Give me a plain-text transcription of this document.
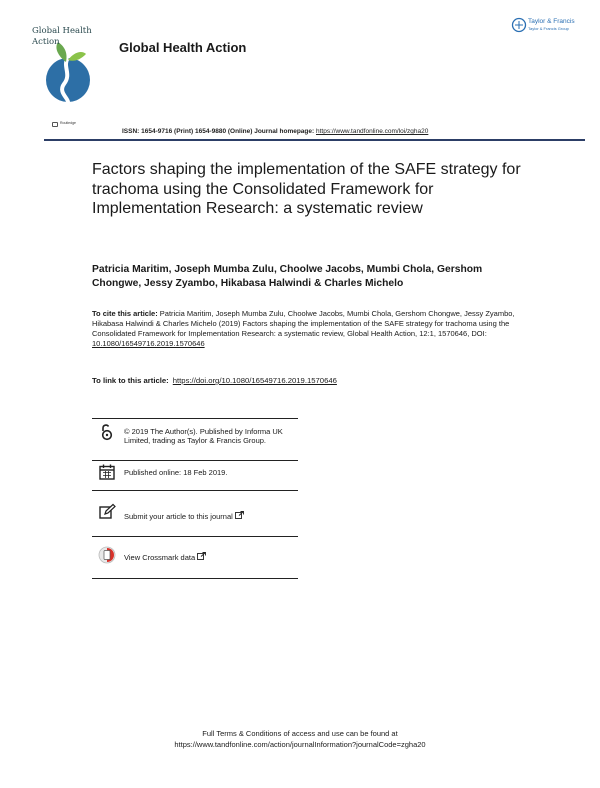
Global Health
Action	Global Health Action
Taylor & Francis
Taylor & Francis Group
Routledge
ISSN: 1654-9716 (Print) 1654-9880 (Online) Journal homepage: https://www.tandfonline.com/loi/zgha20
Factors shaping the implementation of the SAFE strategy for trachoma using the Consolidated Framework for Implementation Research: a systematic review
Patricia Maritim, Joseph Mumba Zulu, Choolwe Jacobs, Mumbi Chola, Gershom Chongwe, Jessy Zyambo, Hikabasa Halwindi & Charles Michelo
To cite this article: Patricia Maritim, Joseph Mumba Zulu, Choolwe Jacobs, Mumbi Chola, Gershom Chongwe, Jessy Zyambo, Hikabasa Halwindi & Charles Michelo (2019) Factors shaping the implementation of the SAFE strategy for trachoma using the Consolidated Framework for Implementation Research: a systematic review, Global Health Action, 12:1, 1570646, DOI: 10.1080/16549716.2019.1570646
To link to this article: https://doi.org/10.1080/16549716.2019.1570646
© 2019 The Author(s). Published by Informa UK Limited, trading as Taylor & Francis Group.
Published online: 18 Feb 2019.
Submit your article to this journal
View Crossmark data
Full Terms & Conditions of access and use can be found at
https://www.tandfonline.com/action/journalInformation?journalCode=zgha20
